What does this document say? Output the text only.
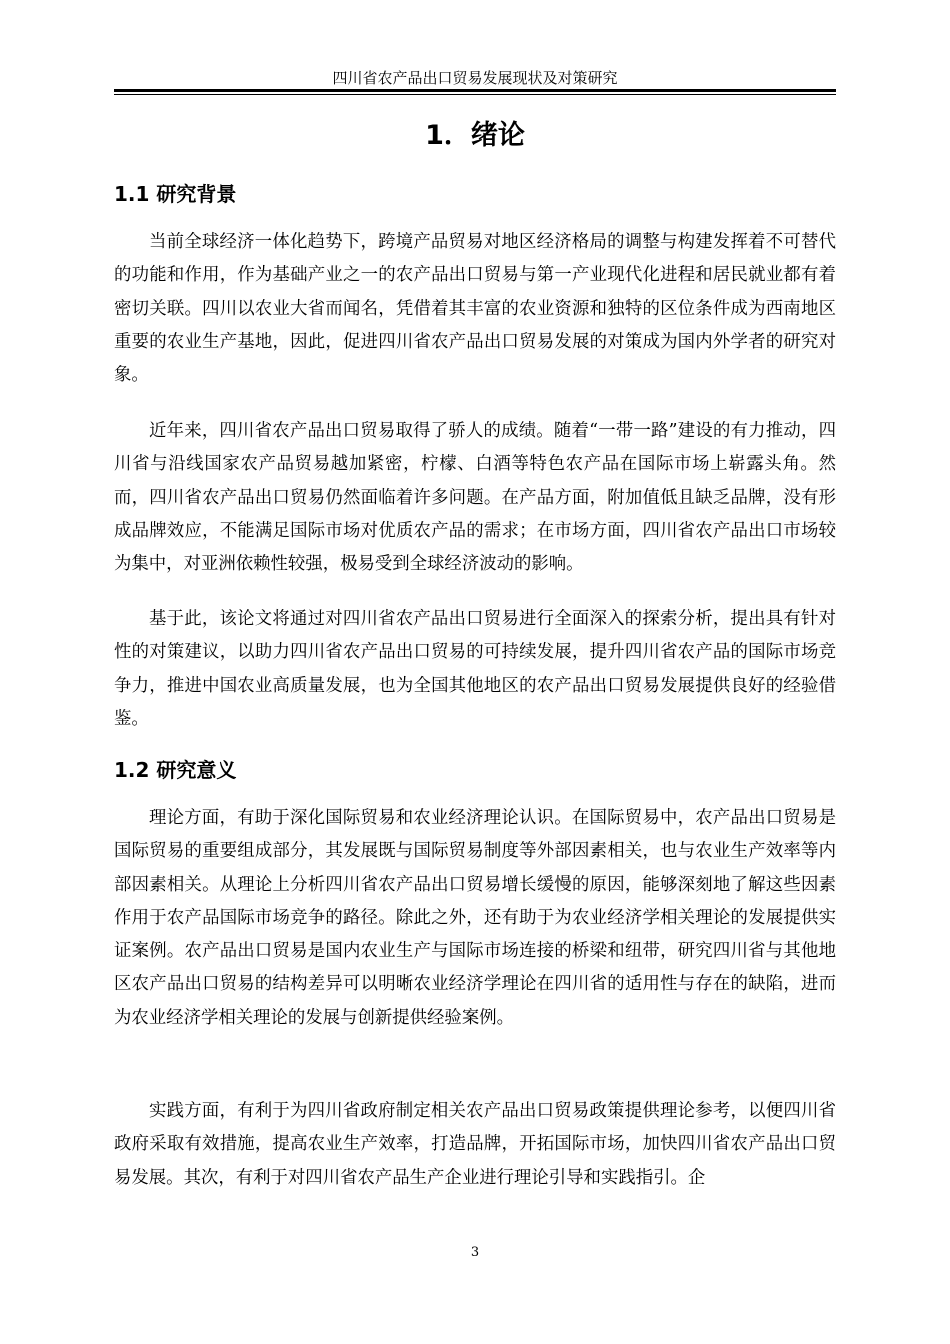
四川省农产品出口贸易发展现状及对策研究
1．绪论
1.1 研究背景

当前全球经济一体化趋势下，跨境产品贸易对地区经济格局的调整与构建发挥着不可替代的功能和作用，作为基础产业之一的农产品出口贸易与第一产业现代化进程和居民就业都有着密切关联。四川以农业大省而闻名，凭借着其丰富的农业资源和独特的区位条件成为西南地区重要的农业生产基地，因此，促进四川省农产品出口贸易发展的对策成为国内外学者的研究对象。

近年来，四川省农产品出口贸易取得了骄人的成绩。随着“一带一路”建设的有力推动，四川省与沿线国家农产品贸易越加紧密，柠檬、白酒等特色农产品在国际市场上崭露头角。然而，四川省农产品出口贸易仍然面临着许多问题。在产品方面，附加值低且缺乏品牌，没有形成品牌效应，不能满足国际市场对优质农产品的需求；在市场方面，四川省农产品出口市场较为集中，对亚洲依赖性较强，极易受到全球经济波动的影响。

基于此，该论文将通过对四川省农产品出口贸易进行全面深入的探索分析，提出具有针对性的对策建议，以助力四川省农产品出口贸易的可持续发展，提升四川省农产品的国际市场竞争力，推进中国农业高质量发展，也为全国其他地区的农产品出口贸易发展提供良好的经验借鉴。

1.2 研究意义

理论方面，有助于深化国际贸易和农业经济理论认识。在国际贸易中，农产品出口贸易是国际贸易的重要组成部分，其发展既与国际贸易制度等外部因素相关，也与农业生产效率等内部因素相关。从理论上分析四川省农产品出口贸易增长缓慢的原因，能够深刻地了解这些因素作用于农产品国际市场竞争的路径。除此之外，还有助于为农业经济学相关理论的发展提供实证案例。农产品出口贸易是国内农业生产与国际市场连接的桥梁和纽带，研究四川省与其他地区农产品出口贸易的结构差异可以明晰农业经济学理论在四川省的适用性与存在的缺陷，进而为农业经济学相关理论的发展与创新提供经验案例。

实践方面，有利于为四川省政府制定相关农产品出口贸易政策提供理论参考，以便四川省政府采取有效措施，提高农业生产效率，打造品牌，开拓国际市场，加快四川省农产品出口贸易发展。其次，有利于对四川省农产品生产企业进行理论引导和实践指引。企

3
